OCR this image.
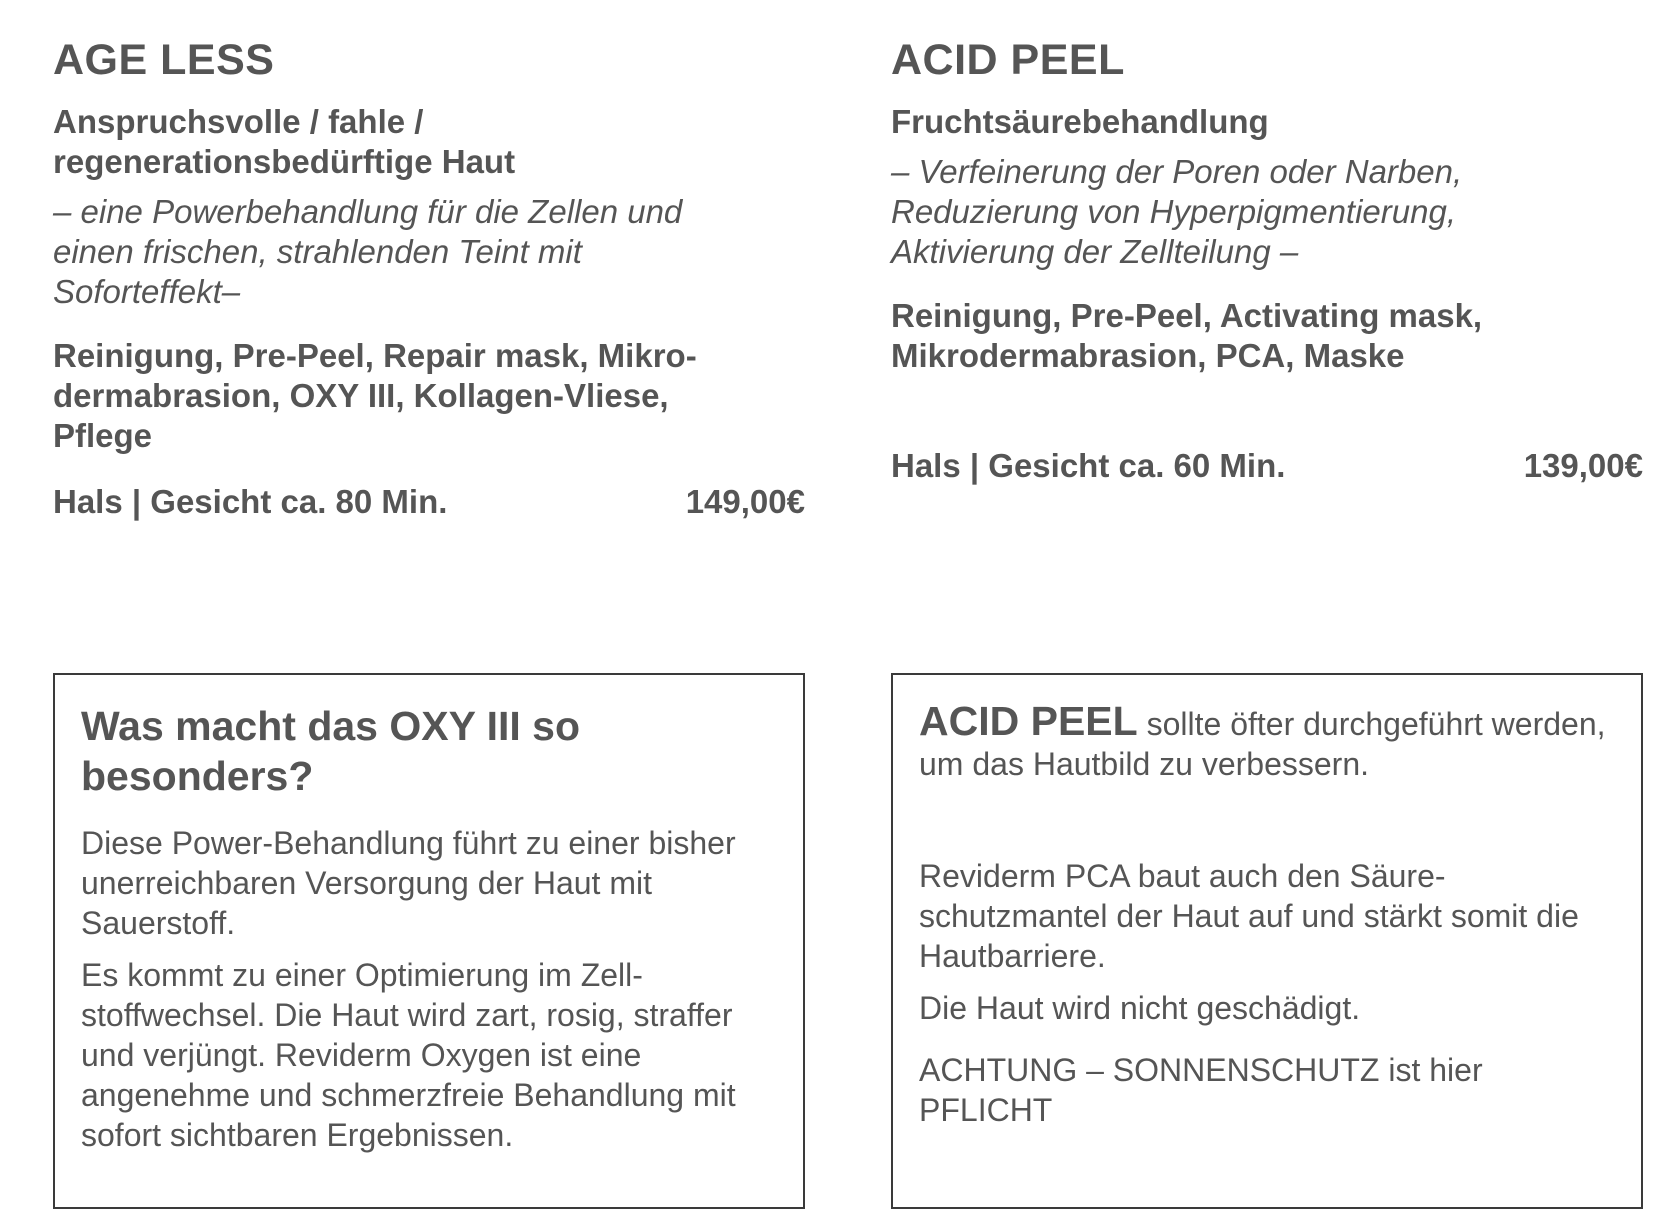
AGE LESS
Anspruchsvolle / fahle / regenerationsbedürftige Haut
– eine Powerbehandlung für die Zellen und einen frischen, strahlenden Teint mit Soforteffekt–
Reinigung, Pre-Peel, Repair mask, Mikrodermabrasion, OXY III, Kollagen-Vliese, Pflege
Hals | Gesicht ca. 80 Min.	149,00€
ACID PEEL
Fruchtsäurebehandlung
– Verfeinerung der Poren oder Narben, Reduzierung von Hyperpigmentierung, Aktivierung der Zellteilung –
Reinigung, Pre-Peel, Activating mask, Mikrodermabrasion, PCA, Maske
Hals | Gesicht ca. 60 Min.	139,00€
Was macht das OXY III so besonders?

Diese Power-Behandlung führt zu einer bisher unerreichbaren Versorgung der Haut mit Sauerstoff.

Es kommt zu einer Optimierung im Zellstoffwechsel. Die Haut wird zart, rosig, straffer und verjüngt. Reviderm Oxygen ist eine angenehme und schmerzfreie Behandlung mit sofort sichtbaren Ergebnissen.

ACID PEEL sollte öfter durchgeführt werden, um das Hautbild zu verbessern.

Reviderm PCA baut auch den Säureschutzmantel der Haut auf und stärkt somit die Hautbarriere.

Die Haut wird nicht geschädigt.

ACHTUNG – SONNENSCHUTZ ist hier PFLICHT
